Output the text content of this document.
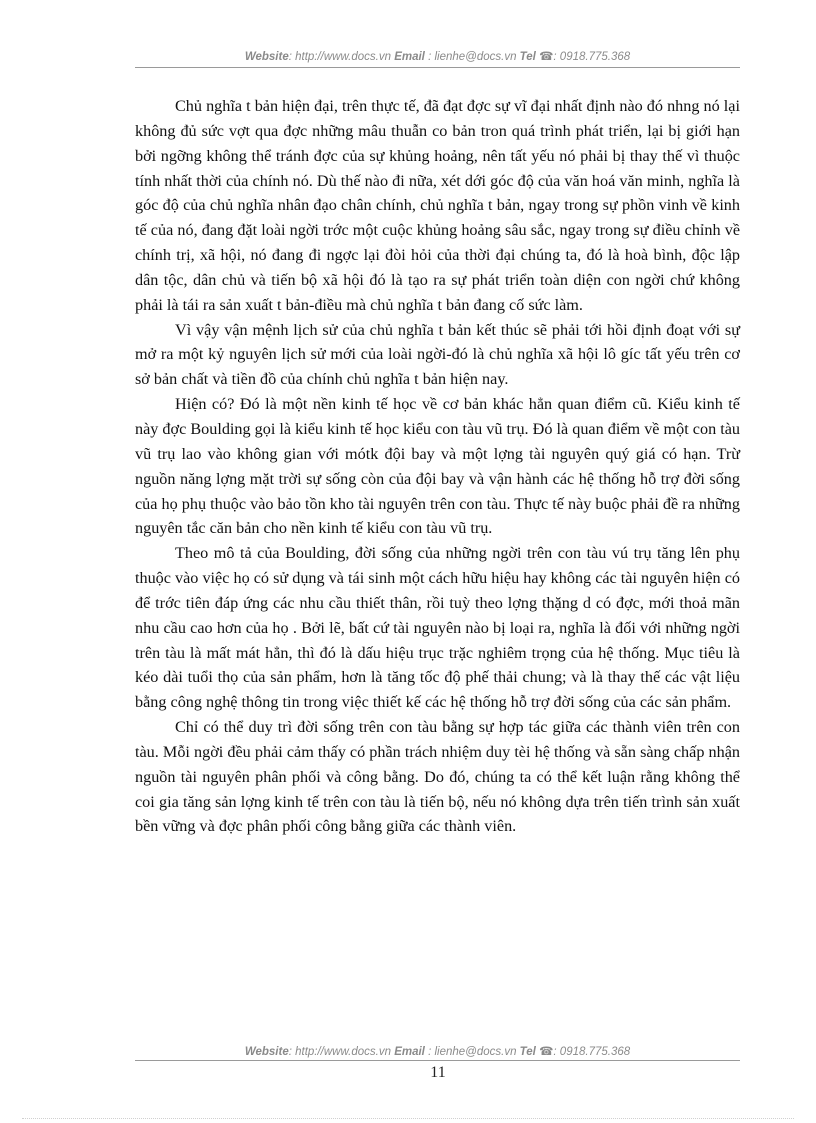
Website: http://www.docs.vn Email : lienhe@docs.vn Tel ☎: 0918.775.368

Chủ nghĩa t bản hiện đại, trên thực tế, đã đạt đợc sự vĩ đại nhất định nào đó nhng nó lại không đủ sức vợt qua đợc những mâu thuẫn co bản tron quá trình phát triển, lại bị giới hạn bởi ngỡng không thể tránh đợc của sự khủng hoảng, nên tất yếu nó phải bị thay thế vì thuộc tính nhất thời của chính nó. Dù thế nào đi nữa, xét dới góc độ của văn hoá văn minh, nghĩa là góc độ của chủ nghĩa nhân đạo chân chính, chủ nghĩa t bản, ngay trong sự phồn vinh về kinh tế của nó, đang đặt loài ngời trớc một cuộc khủng hoảng sâu sắc, ngay trong sự điều chỉnh về chính trị, xã hội, nó đang đi ngợc lại đòi hỏi của thời đại chúng ta, đó là hoà bình, độc lập dân tộc, dân chủ và tiến bộ xã hội đó là tạo ra sự phát triển toàn diện con ngời chứ không phải là tái ra sản xuất t bản-điều mà chủ nghĩa t bản đang cố sức làm.

Vì vậy vận mệnh lịch sử của chủ nghĩa t bản kết thúc sẽ phải tới hồi định đoạt với sự mở ra một kỷ nguyên lịch sử mới của loài ngời-đó là chủ nghĩa xã hội lô gíc tất yếu trên cơ sở bản chất và tiền đồ của chính chủ nghĩa t bản hiện nay.

Hiện có? Đó là một nền kinh tế học về cơ bản khác hẳn quan điểm cũ. Kiểu kinh tế này đợc Boulding gọi là kiểu kinh tế học kiểu con tàu vũ trụ. Đó là quan điểm về một con tàu vũ trụ lao vào không gian với mótk đội bay và một lợng tài nguyên quý giá có hạn. Trừ nguồn năng lợng mặt trời sự sống còn của đội bay và vận hành các hệ thống hỗ trợ đời sống của họ phụ thuộc vào bảo tồn kho tài nguyên trên con tàu. Thực tế này buộc phải đề ra những nguyên tắc căn bản cho nền kinh tế kiểu con tàu vũ trụ.

Theo mô tả của Boulding, đời sống của những ngời trên con tàu vú trụ tăng lên phụ thuộc vào việc họ có sử dụng và tái sinh một cách hữu hiệu hay không các tài nguyên hiện có để trớc tiên đáp ứng các nhu cầu thiết thân, rồi tuỳ theo lợng thặng d có đợc, mới thoả mãn nhu cầu cao hơn của họ . Bởi lẽ, bất cứ tài nguyên nào bị loại ra, nghĩa là đối với những ngời trên tàu là mất mát hẳn, thì đó là dấu hiệu trục trặc nghiêm trọng của hệ thống. Mục tiêu là kéo dài tuổi thọ của sản phẩm, hơn là tăng tốc độ phế thải chung; và là thay thế các vật liệu bằng công nghệ thông tin trong việc thiết kế các hệ thống hỗ trợ đời sống của các sản phẩm.

Chỉ có thể duy trì đời sống trên con tàu bằng sự hợp tác giữa các thành viên trên con tàu. Mỗi ngời đều phải cảm thấy có phần trách nhiệm duy tèi hệ thống và sẵn sàng chấp nhận nguồn tài nguyên phân phối và công bằng. Do đó, chúng ta có thể kết luận rằng không thể coi gia tăng sản lợng kinh tế trên con tàu là tiến bộ, nếu nó không dựa trên tiến trình sản xuất bền vững và đợc phân phối công bằng giữa các thành viên.

Website: http://www.docs.vn Email : lienhe@docs.vn Tel ☎: 0918.775.368
11
